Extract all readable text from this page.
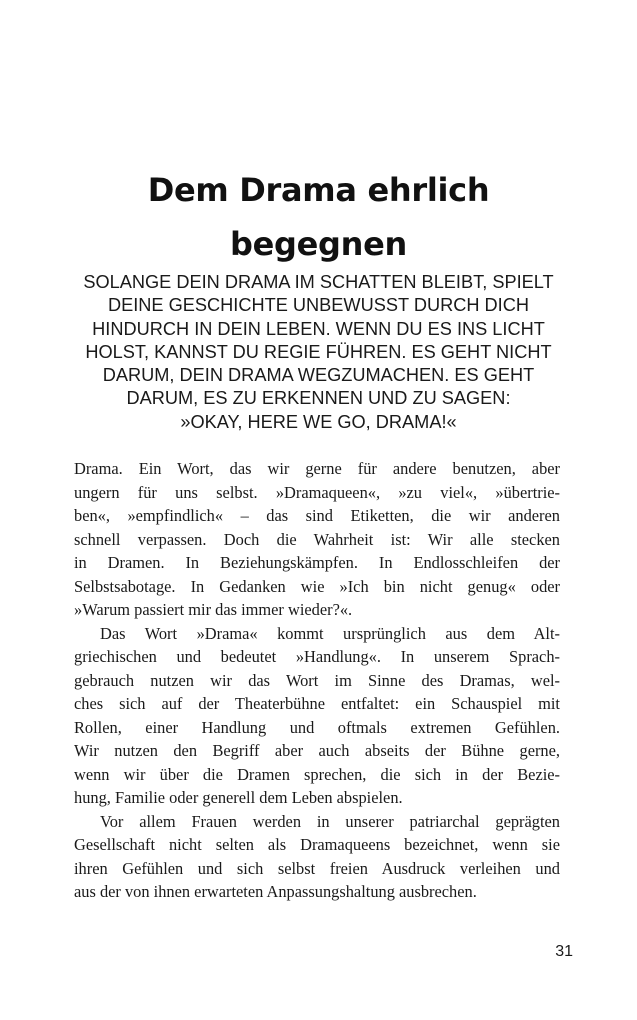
Dem Drama ehrlich
begegnen
SOLANGE DEIN DRAMA IM SCHATTEN BLEIBT, SPIELT
DEINE GESCHICHTE UNBEWUSST DURCH DICH
HINDURCH IN DEIN LEBEN. WENN DU ES INS LICHT
HOLST, KANNST DU REGIE FÜHREN. ES GEHT NICHT
DARUM, DEIN DRAMA WEGZUMACHEN. ES GEHT
DARUM, ES ZU ERKENNEN UND ZU SAGEN:
»OKAY, HERE WE GO, DRAMA!«
Drama. Ein Wort, das wir gerne für andere benutzen, aber
ungern für uns selbst. »Dramaqueen«, »zu viel«, »übertrie-
ben«, »empfindlich« – das sind Etiketten, die wir anderen
schnell verpassen. Doch die Wahrheit ist: Wir alle stecken
in Dramen. In Beziehungskämpfen. In Endlosschleifen der
Selbstsabotage. In Gedanken wie »Ich bin nicht genug« oder
»Warum passiert mir das immer wieder?«.
Das Wort »Drama« kommt ursprünglich aus dem Alt-
griechischen und bedeutet »Handlung«. In unserem Sprach-
gebrauch nutzen wir das Wort im Sinne des Dramas, wel-
ches sich auf der Theaterbühne entfaltet: ein Schauspiel mit
Rollen, einer Handlung und oftmals extremen Gefühlen.
Wir nutzen den Begriff aber auch abseits der Bühne gerne,
wenn wir über die Dramen sprechen, die sich in der Bezie-
hung, Familie oder generell dem Leben abspielen.
Vor allem Frauen werden in unserer patriarchal geprägten
Gesellschaft nicht selten als Dramaqueens bezeichnet, wenn sie
ihren Gefühlen und sich selbst freien Ausdruck verleihen und
aus der von ihnen erwarteten Anpassungshaltung ausbrechen.
31
